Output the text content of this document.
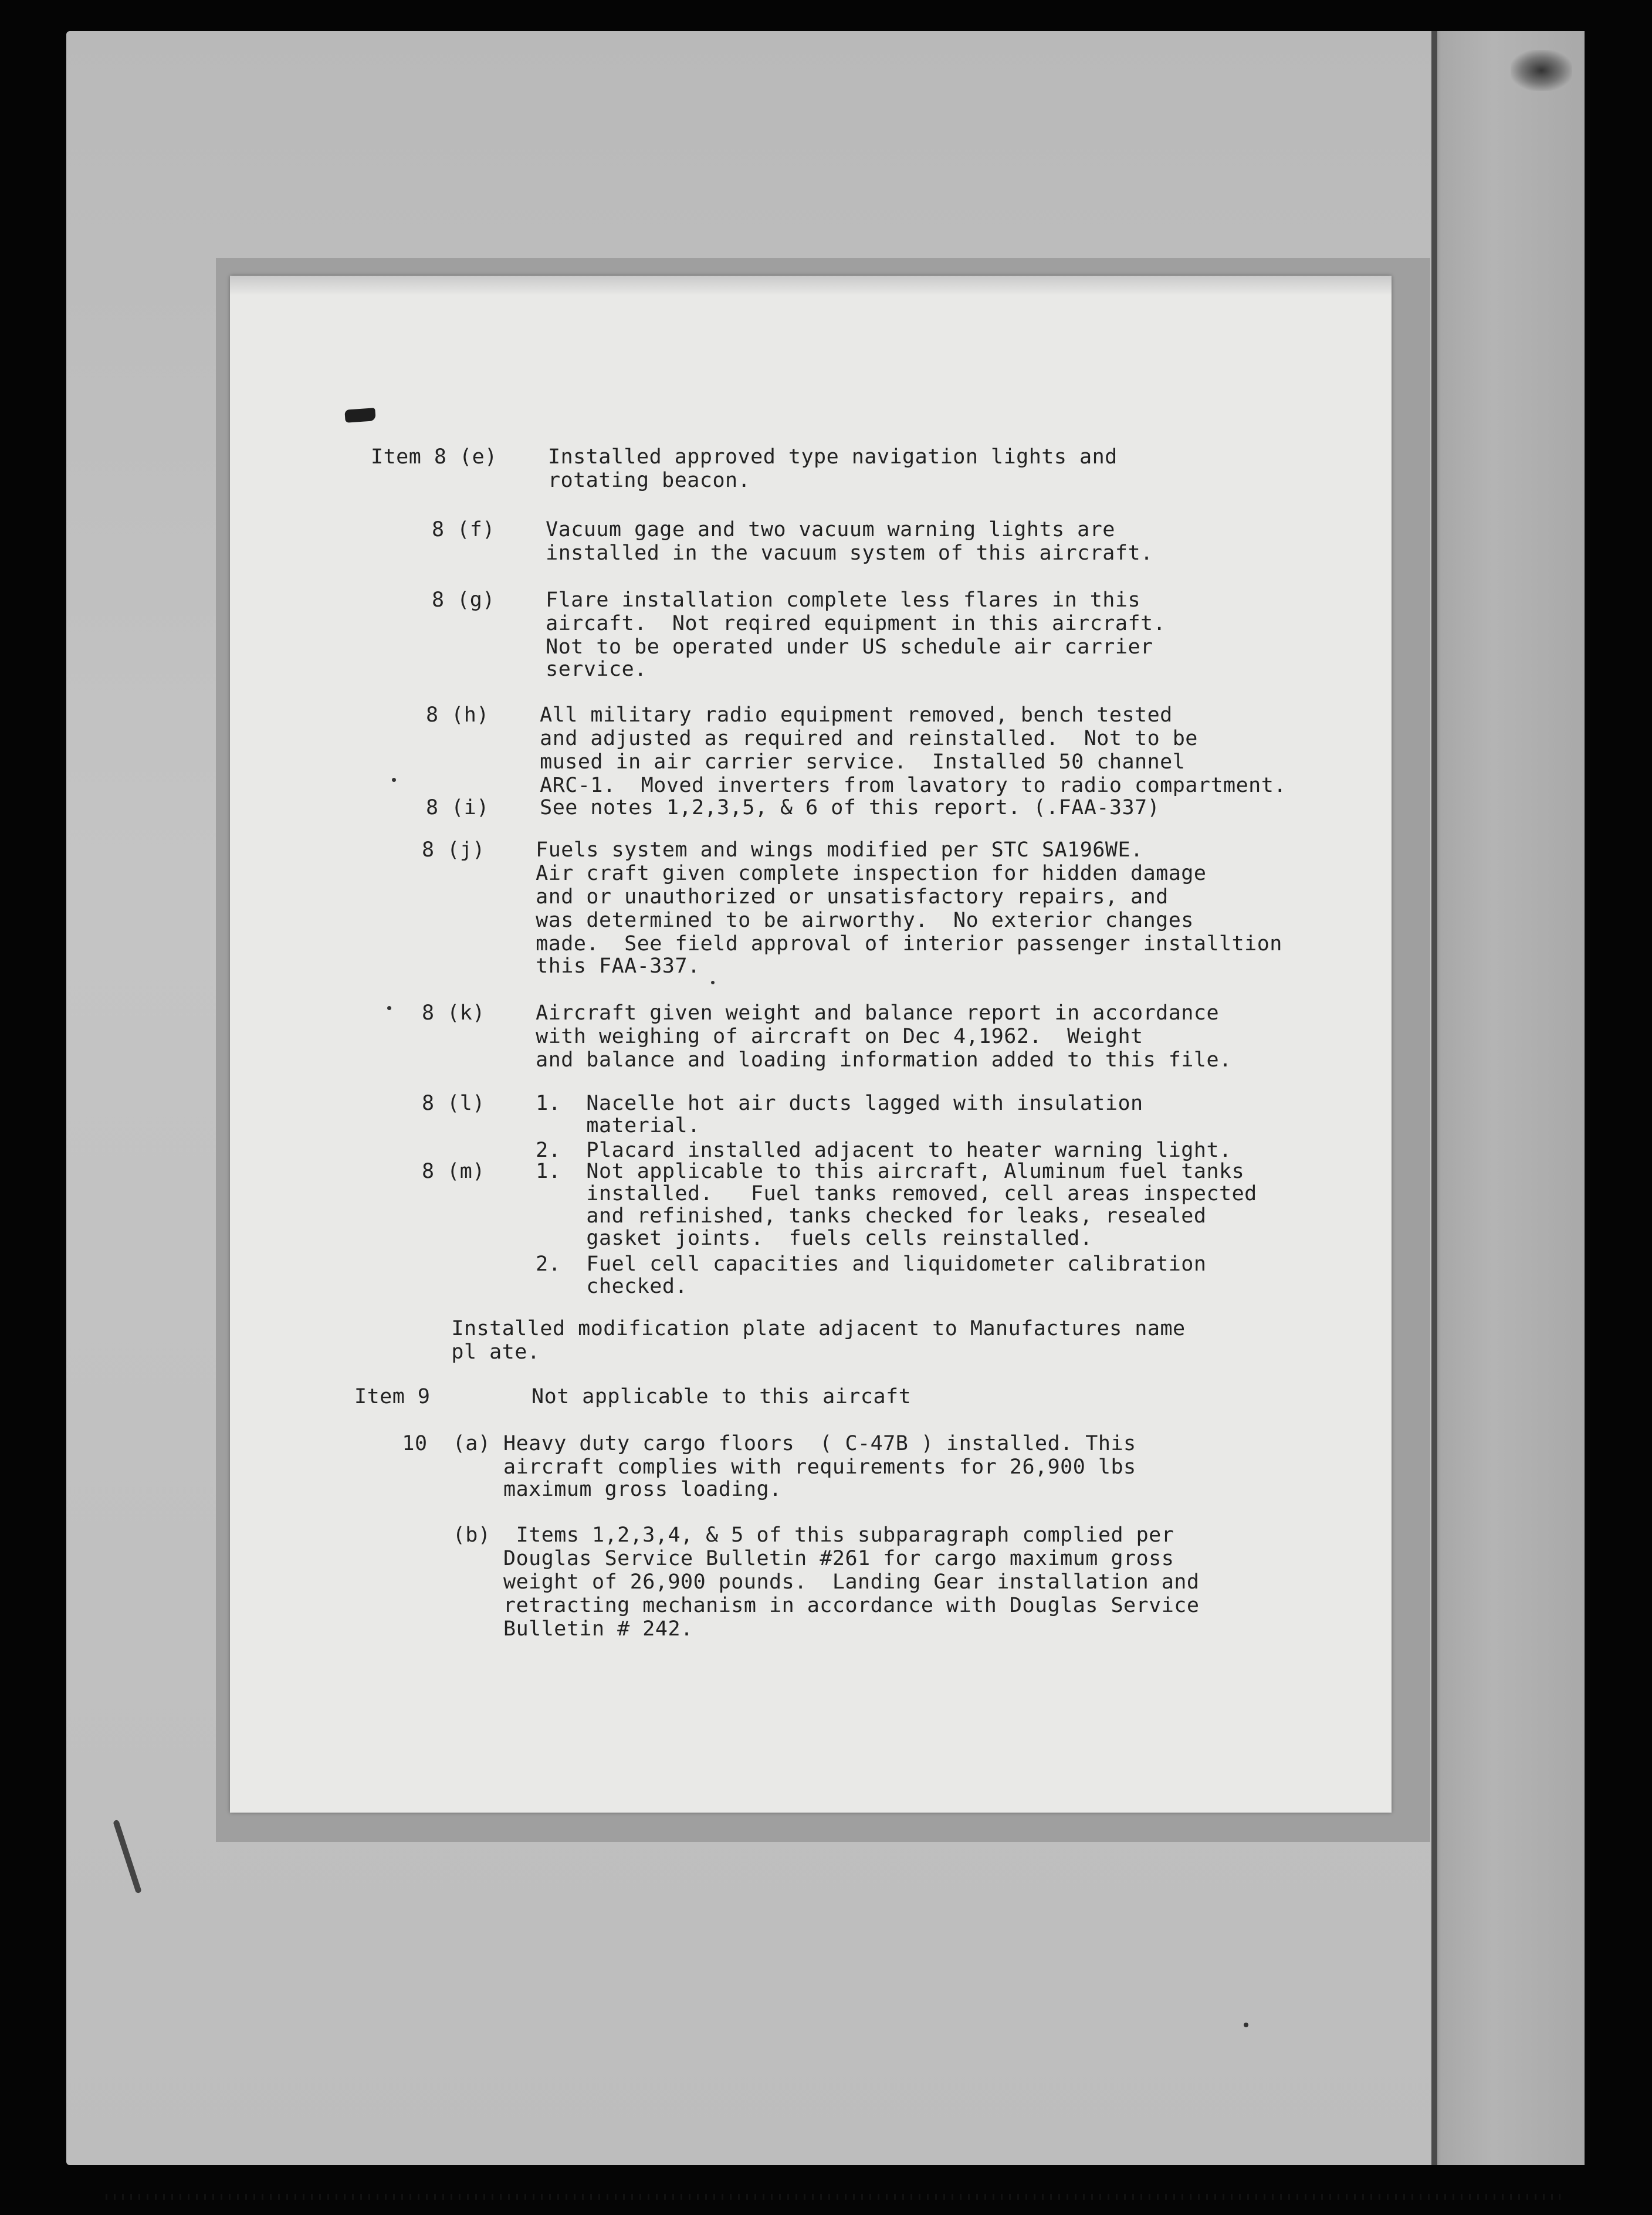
Item 8 (e)    Installed approved type navigation lights and
rotating beacon.
8 (f)    Vacuum gage and two vacuum warning lights are
installed in the vacuum system of this aircraft.
8 (g)    Flare installation complete less flares in this
aircaft.  Not reqired equipment in this aircraft.
Not to be operated under US schedule air carrier
service.
8 (h)    All military radio equipment removed, bench tested
and adjusted as required and reinstalled.  Not to be
mused in air carrier service.  Installed 50 channel
ARC-1.  Moved inverters from lavatory to radio compartment.
8 (i)    See notes 1,2,3,5, & 6 of this report. (.FAA-337)
8 (j)    Fuels system and wings modified per STC SA196WE.
Air craft given complete inspection for hidden damage
and or unauthorized or unsatisfactory repairs, and
was determined to be airworthy.  No exterior changes
made.  See field approval of interior passenger installtion
this FAA-337.
8 (k)    Aircraft given weight and balance report in accordance
with weighing of aircraft on Dec 4,1962.  Weight
and balance and loading information added to this file.
8 (l)    1.  Nacelle hot air ducts lagged with insulation
material.
2.  Placard installed adjacent to heater warning light.
8 (m)    1.  Not applicable to this aircraft, Aluminum fuel tanks
installed.   Fuel tanks removed, cell areas inspected
and refinished, tanks checked for leaks, resealed
gasket joints.  fuels cells reinstalled.
2.  Fuel cell capacities and liquidometer calibration
checked.
Installed modification plate adjacent to Manufactures name
pl ate.
Item 9        Not applicable to this aircaft
10  (a) Heavy duty cargo floors  ( C-47B ) installed. This
aircraft complies with requirements for 26,900 lbs
maximum gross loading.
(b)  Items 1,2,3,4, & 5 of this subparagraph complied per
Douglas Service Bulletin #261 for cargo maximum gross
weight of 26,900 pounds.  Landing Gear installation and
retracting mechanism in accordance with Douglas Service
Bulletin # 242.
